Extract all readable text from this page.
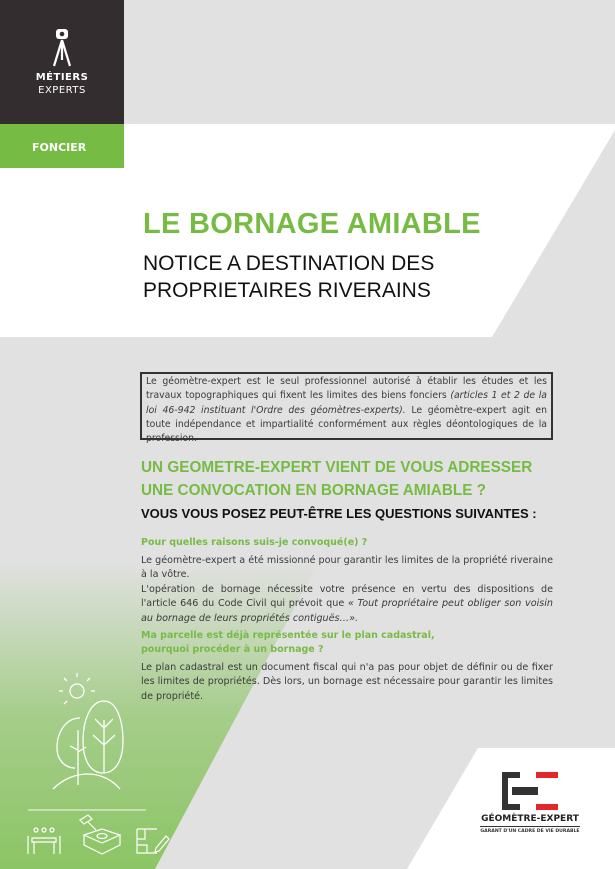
MÉTIERS
EXPERTS
FONCIER
LE BORNAGE AMIABLE
NOTICE A DESTINATION DES
PROPRIETAIRES RIVERAINS
Le géomètre-expert est le seul professionnel autorisé à établir les études et les travaux topographiques qui fixent les limites des biens fonciers (articles 1 et 2 de la loi 46-942 instituant l'Ordre des géomètres-experts). Le géomètre-expert agit en toute indépendance et impartialité conformément aux règles déontologiques de la profession.
UN GEOMETRE-EXPERT VIENT DE VOUS ADRESSER UNE CONVOCATION EN BORNAGE AMIABLE ?
VOUS VOUS POSEZ PEUT-ÊTRE LES QUESTIONS SUIVANTES :
Pour quelles raisons suis-je convoqué(e) ?
Le géomètre-expert a été missionné pour garantir les limites de la propriété riveraine à la vôtre.
L'opération de bornage nécessite votre présence en vertu des dispositions de l'article 646 du Code Civil qui prévoit que « Tout propriétaire peut obliger son voisin au bornage de leurs propriétés contiguës…».
Ma parcelle est déjà représentée sur le plan cadastral, pourquoi procéder à un bornage ?
Le plan cadastral est un document fiscal qui n'a pas pour objet de définir ou de fixer les limites de propriétés. Dès lors, un bornage est nécessaire pour garantir les limites de propriété.
GÉOMÈTRE-EXPERT
GARANT D'UN CADRE DE VIE DURABLE
